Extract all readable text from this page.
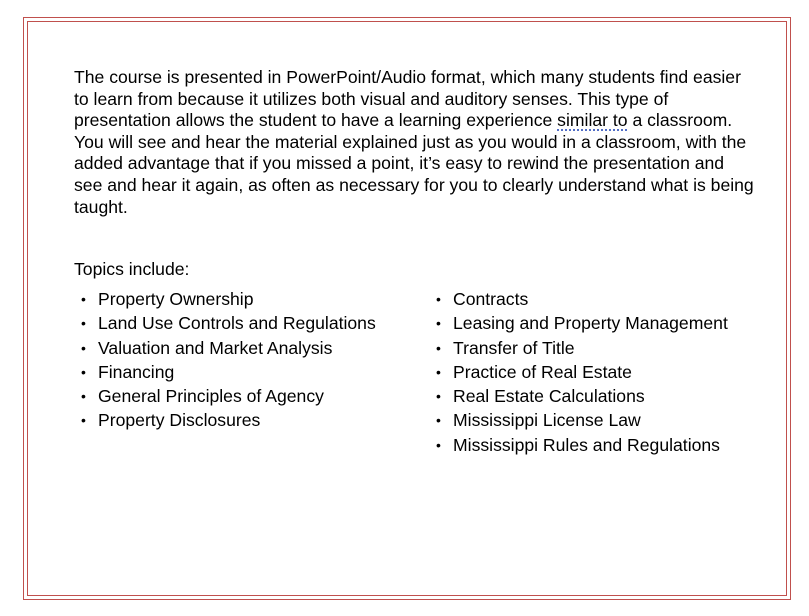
The course is presented in PowerPoint/Audio format, which many students find easier to learn from because it utilizes both visual and auditory senses. This type of presentation allows the student to have a learning experience similar to a classroom. You will see and hear the material explained just as you would in a classroom, with the added advantage that if you missed a point, it’s easy to rewind the presentation and see and hear it again, as often as necessary for you to clearly understand what is being taught.

Topics include:

• Property Ownership
• Land Use Controls and Regulations
• Valuation and Market Analysis
• Financing
• General Principles of Agency
• Property Disclosures
• Contracts
• Leasing and Property Management
• Transfer of Title
• Practice of Real Estate
• Real Estate Calculations
• Mississippi License Law
• Mississippi Rules and Regulations
